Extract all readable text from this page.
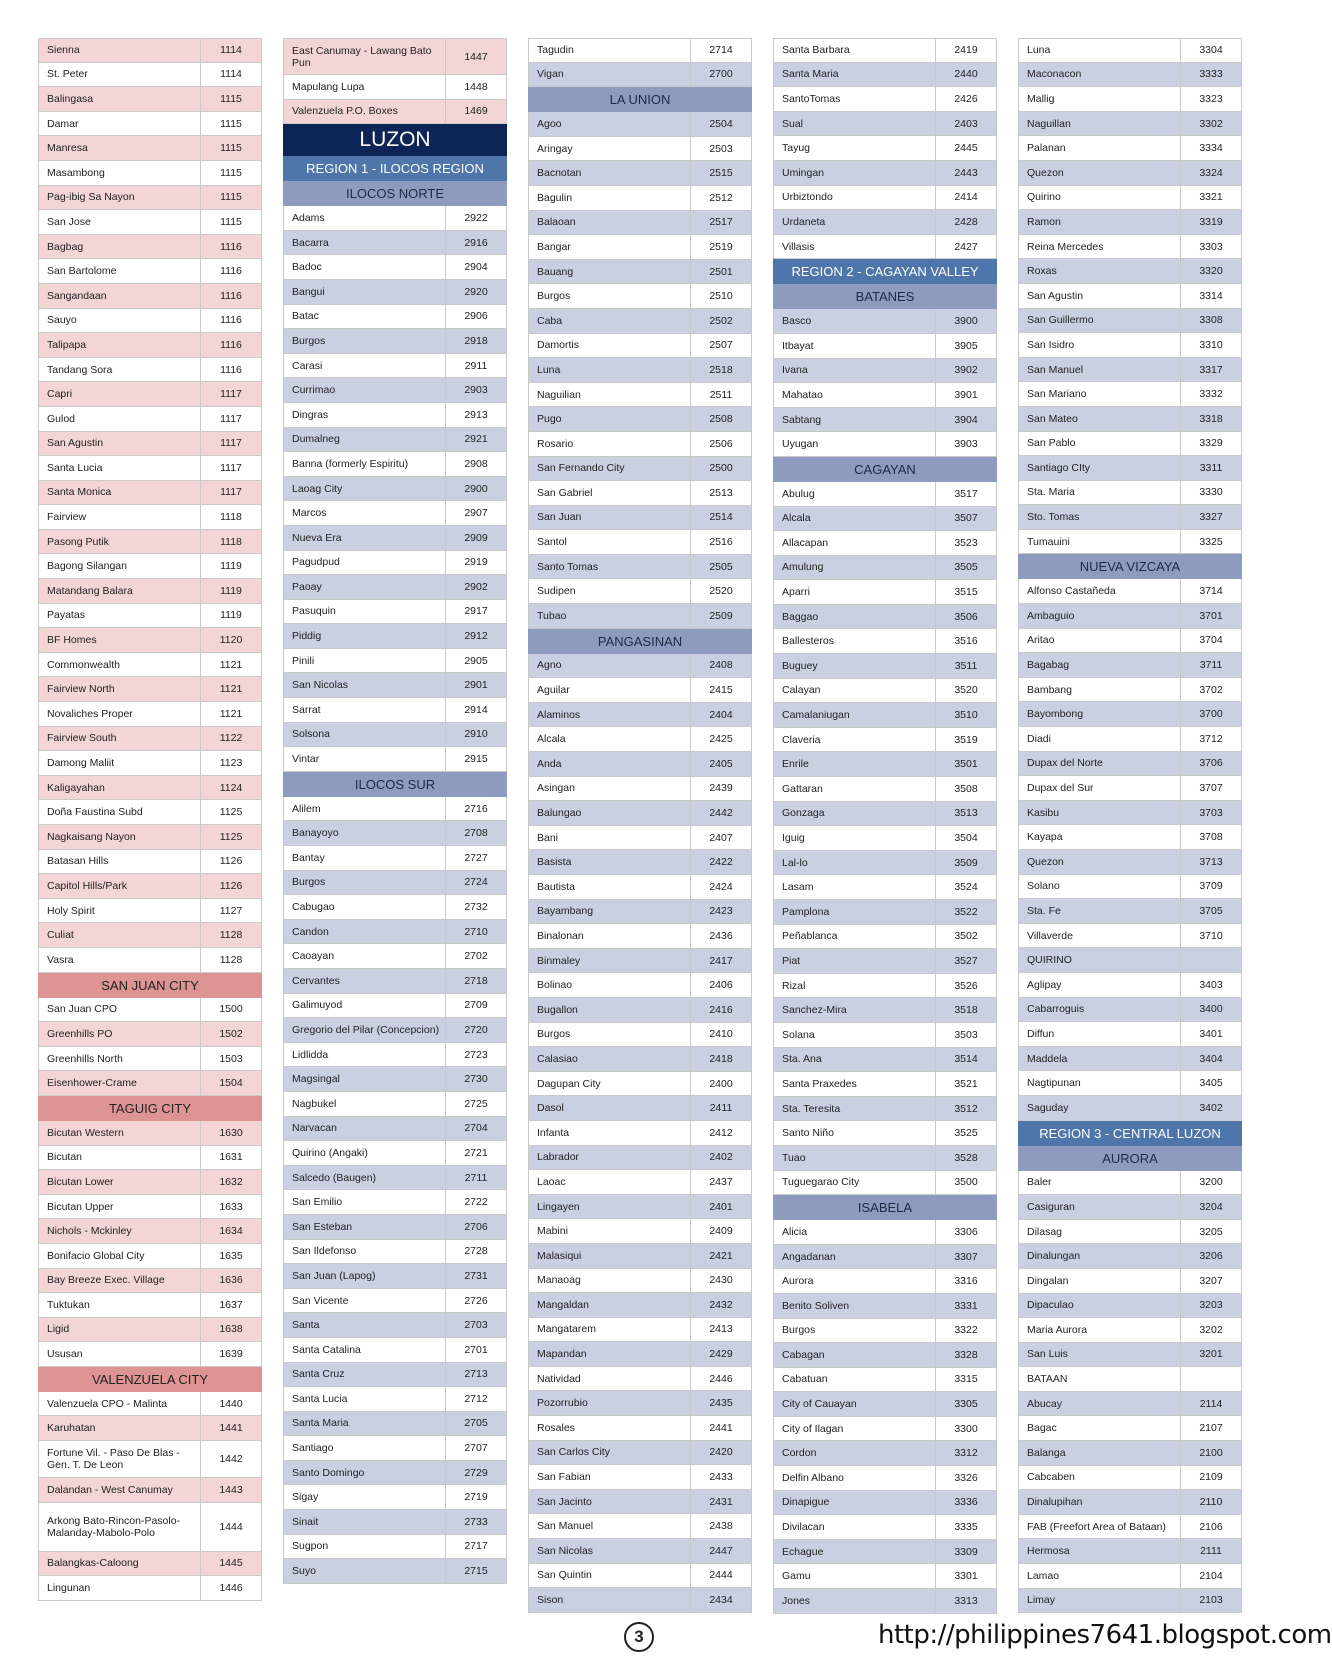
Sienna	1114
St. Peter	1114
Balingasa	1115
Damar	1115
Manresa	1115
Masambong	1115
Pag-ibig Sa Nayon	1115
San Jose	1115
Bagbag	1116
San Bartolome	1116
Sangandaan	1116
Sauyo	1116
Talipapa	1116
Tandang Sora	1116
Capri	1117
Gulod	1117
San Agustin	1117
Santa Lucia	1117
Santa Monica	1117
Fairview	1118
Pasong Putik	1118
Bagong Silangan	1119
Matandang Balara	1119
Payatas	1119
BF Homes	1120
Commonwealth	1121
Fairview North	1121
Novaliches Proper	1121
Fairview South	1122
Damong Maliit	1123
Kaligayahan	1124
Doña Faustina Subd	1125
Nagkaisang Nayon	1125
Batasan Hills	1126
Capitol Hills/Park	1126
Holy Spirit	1127
Culiat	1128
Vasra	1128
SAN JUAN CITY
San Juan CPO	1500
Greenhills PO	1502
Greenhills North	1503
Eisenhower-Crame	1504
TAGUIG CITY
Bicutan Western	1630
Bicutan	1631
Bicutan Lower	1632
Bicutan Upper	1633
Nichols - Mckinley	1634
Bonifacio Global City	1635
Bay Breeze Exec. Village	1636
Tuktukan	1637
Ligid	1638
Ususan	1639
VALENZUELA CITY
Valenzuela CPO - Malinta	1440
Karuhatan	1441
Fortune Vil. - Paso De Blas - Gen. T. De Leon	1442
Dalandan - West Canumay	1443
Arkong Bato-Rincon-Pasolo-Malanday-Mabolo-Polo	1444
Balangkas-Caloong	1445
Lingunan	1446
East Canumay - Lawang Bato Pun	1447
Mapulang Lupa	1448
Valenzuela P.O. Boxes	1469
LUZON
REGION 1 - ILOCOS REGION
ILOCOS NORTE
Adams	2922
Bacarra	2916
Badoc	2904
Bangui	2920
Batac	2906
Burgos	2918
Carasi	2911
Currimao	2903
Dingras	2913
Dumalneg	2921
Banna (formerly Espiritu)	2908
Laoag City	2900
Marcos	2907
Nueva Era	2909
Pagudpud	2919
Paoay	2902
Pasuquin	2917
Piddig	2912
Pinili	2905
San Nicolas	2901
Sarrat	2914
Solsona	2910
Vintar	2915
ILOCOS SUR
Alilem	2716
Banayoyo	2708
Bantay	2727
Burgos	2724
Cabugao	2732
Candon	2710
Caoayan	2702
Cervantes	2718
Galimuyod	2709
Gregorio del Pilar (Concepcion)	2720
Lidlidda	2723
Magsingal	2730
Nagbukel	2725
Narvacan	2704
Quirino (Angaki)	2721
Salcedo (Baugen)	2711
San Emilio	2722
San Esteban	2706
San Ildefonso	2728
San Juan (Lapog)	2731
San Vicente	2726
Santa	2703
Santa Catalina	2701
Santa Cruz	2713
Santa Lucia	2712
Santa Maria	2705
Santiago	2707
Santo Domingo	2729
Sigay	2719
Sinait	2733
Sugpon	2717
Suyo	2715
Tagudin	2714
Vigan	2700
LA UNION
Agoo	2504
Aringay	2503
Bacnotan	2515
Bagulin	2512
Balaoan	2517
Bangar	2519
Bauang	2501
Burgos	2510
Caba	2502
Damortis	2507
Luna	2518
Naguilian	2511
Pugo	2508
Rosario	2506
San Fernando City	2500
San Gabriel	2513
San Juan	2514
Santol	2516
Santo Tomas	2505
Sudipen	2520
Tubao	2509
PANGASINAN
Agno	2408
Aguilar	2415
Alaminos	2404
Alcala	2425
Anda	2405
Asingan	2439
Balungao	2442
Bani	2407
Basista	2422
Bautista	2424
Bayambang	2423
Binalonan	2436
Binmaley	2417
Bolinao	2406
Bugallon	2416
Burgos	2410
Calasiao	2418
Dagupan City	2400
Dasol	2411
Infanta	2412
Labrador	2402
Laoac	2437
Lingayen	2401
Mabini	2409
Malasiqui	2421
Manaoag	2430
Mangaldan	2432
Mangatarem	2413
Mapandan	2429
Natividad	2446
Pozorrubio	2435
Rosales	2441
San Carlos City	2420
San Fabian	2433
San Jacinto	2431
San Manuel	2438
San Nicolas	2447
San Quintin	2444
Sison	2434
Santa Barbara	2419
Santa Maria	2440
SantoTomas	2426
Sual	2403
Tayug	2445
Umingan	2443
Urbiztondo	2414
Urdaneta	2428
Villasis	2427
REGION 2 - CAGAYAN VALLEY
BATANES
Basco	3900
Itbayat	3905
Ivana	3902
Mahatao	3901
Sabtang	3904
Uyugan	3903
CAGAYAN
Abulug	3517
Alcala	3507
Allacapan	3523
Amulung	3505
Aparri	3515
Baggao	3506
Ballesteros	3516
Buguey	3511
Calayan	3520
Camalaniugan	3510
Claveria	3519
Enrile	3501
Gattaran	3508
Gonzaga	3513
Iguig	3504
Lal-lo	3509
Lasam	3524
Pamplona	3522
Peñablanca	3502
Piat	3527
Rizal	3526
Sanchez-Mira	3518
Solana	3503
Sta. Ana	3514
Santa Praxedes	3521
Sta. Teresita	3512
Santo Niño	3525
Tuao	3528
Tuguegarao City	3500
ISABELA
Alicia	3306
Angadanan	3307
Aurora	3316
Benito Soliven	3331
Burgos	3322
Cabagan	3328
Cabatuan	3315
City of Cauayan	3305
City of Ilagan	3300
Cordon	3312
Delfin Albano	3326
Dinapigue	3336
Divilacan	3335
Echague	3309
Gamu	3301
Jones	3313
Luna	3304
Maconacon	3333
Mallig	3323
Naguillan	3302
Palanan	3334
Quezon	3324
Quirino	3321
Ramon	3319
Reina Mercedes	3303
Roxas	3320
San Agustin	3314
San Guillermo	3308
San Isidro	3310
San Manuel	3317
San Mariano	3332
San Mateo	3318
San Pablo	3329
Santiago CIty	3311
Sta. Maria	3330
Sto. Tomas	3327
Tumauini	3325
NUEVA VIZCAYA
Alfonso Castañeda	3714
Ambaguio	3701
Aritao	3704
Bagabag	3711
Bambang	3702
Bayombong	3700
Diadi	3712
Dupax del Norte	3706
Dupax del Sur	3707
Kasibu	3703
Kayapa	3708
Quezon	3713
Solano	3709
Sta. Fe	3705
Villaverde	3710
QUIRINO
Aglipay	3403
Cabarroguis	3400
Diffun	3401
Maddela	3404
Nagtipunan	3405
Saguday	3402
REGION 3 - CENTRAL LUZON
AURORA
Baler	3200
Casiguran	3204
Dilasag	3205
Dinalungan	3206
Dingalan	3207
Dipaculao	3203
Maria Aurora	3202
San Luis	3201
BATAAN
Abucay	2114
Bagac	2107
Balanga	2100
Cabcaben	2109
Dinalupihan	2110
FAB (Freefort Area of Bataan)	2106
Hermosa	2111
Lamao	2104
Limay	2103
3	http://philippines7641.blogspot.com
